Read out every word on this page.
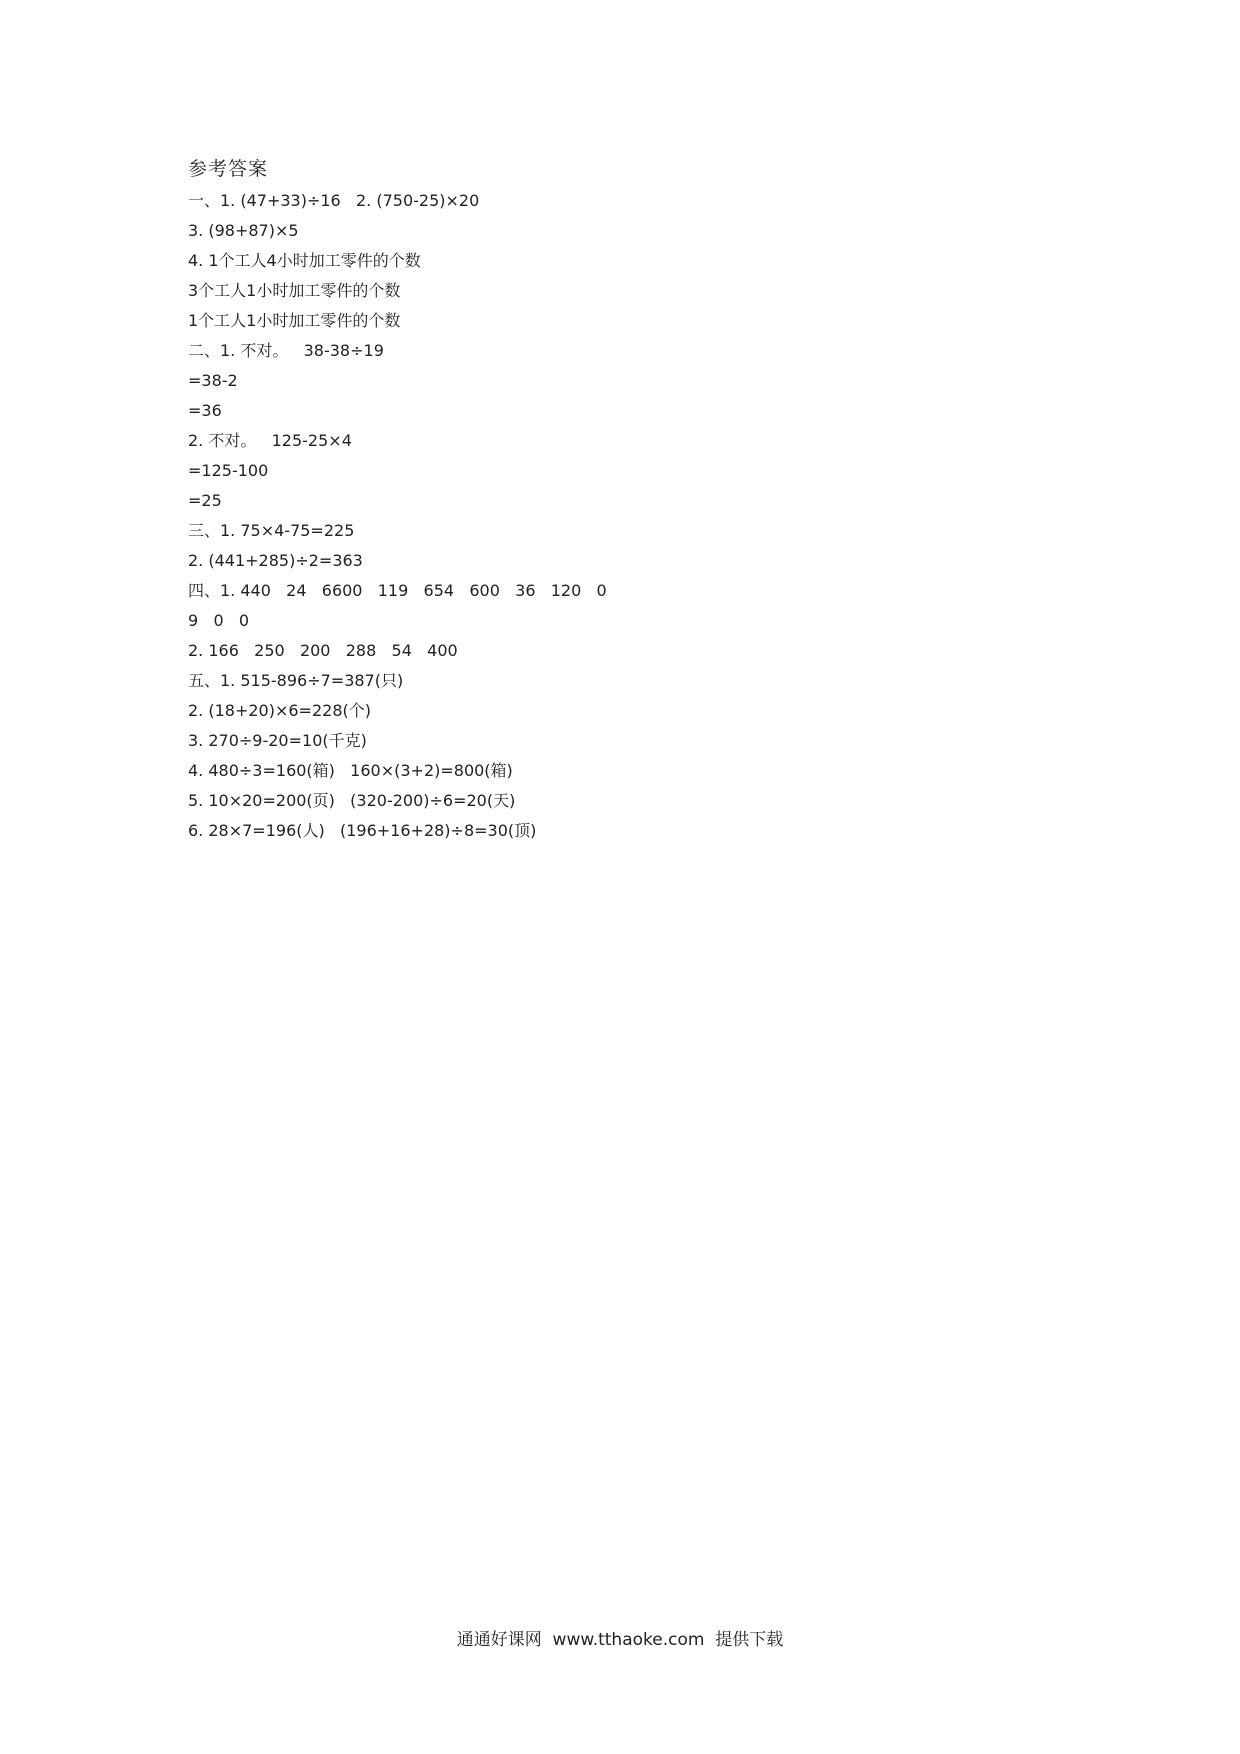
参考答案
一、1. (47+33)÷16   2. (750-25)×20
3. (98+87)×5
4. 1个工人4小时加工零件的个数
3个工人1小时加工零件的个数
1个工人1小时加工零件的个数
二、1. 不对。   38-38÷19
=38-2
=36
2. 不对。   125-25×4
=125-100
=25
三、1. 75×4-75=225
2. (441+285)÷2=363
四、1. 440   24   6600   119   654   600   36   120   0
9   0   0
2. 166   250   200   288   54   400
五、1. 515-896÷7=387(只)
2. (18+20)×6=228(个)
3. 270÷9-20=10(千克)
4. 480÷3=160(箱)   160×(3+2)=800(箱)
5. 10×20=200(页)   (320-200)÷6=20(天)
6. 28×7=196(人)   (196+16+28)÷8=30(顶)
通通好课网  www.tthaoke.com  提供下载
